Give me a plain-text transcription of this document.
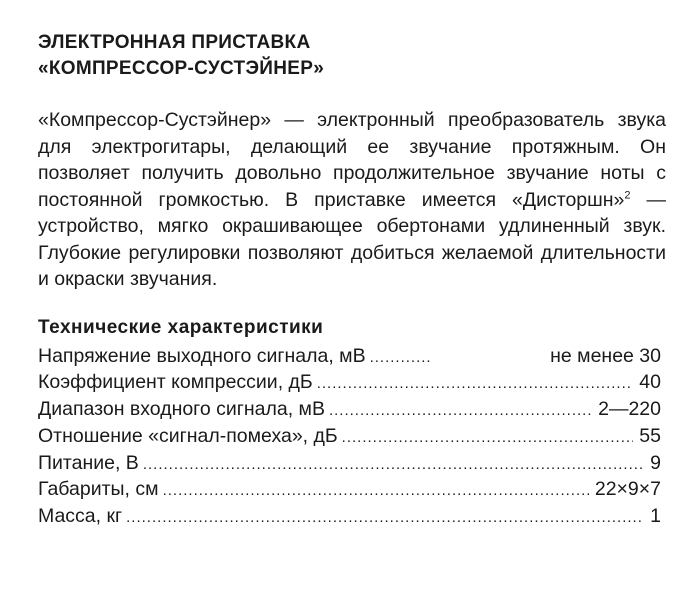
ЭЛЕКТРОННАЯ ПРИСТАВКА
«КОМПРЕССОР-СУСТЭЙНЕР»

«Компрессор-Сустэйнер» — электронный преобразователь звука для электрогитары, делающий ее звучание протяжным. Он позволяет получить довольно продолжительное звучание ноты с постоянной громкостью. В приставке имеется «Дисторшн»$^2$ — устройство, мягко окрашивающее обертонами удлиненный звук. Глубокие регулировки позволяют добиться желаемой длительности и окраски звучания.

Технические характеристики
Напряжение выходного сигнала, мВ .....	не менее 30
Коэффициент компрессии, дБ .....	40
Диапазон входного сигнала, мВ .....	2—220
Отношение «сигнал-помеха», дБ .....	55
Питание, В .....	9
Габариты, см .....	22×9×7
Масса, кг .....	1
